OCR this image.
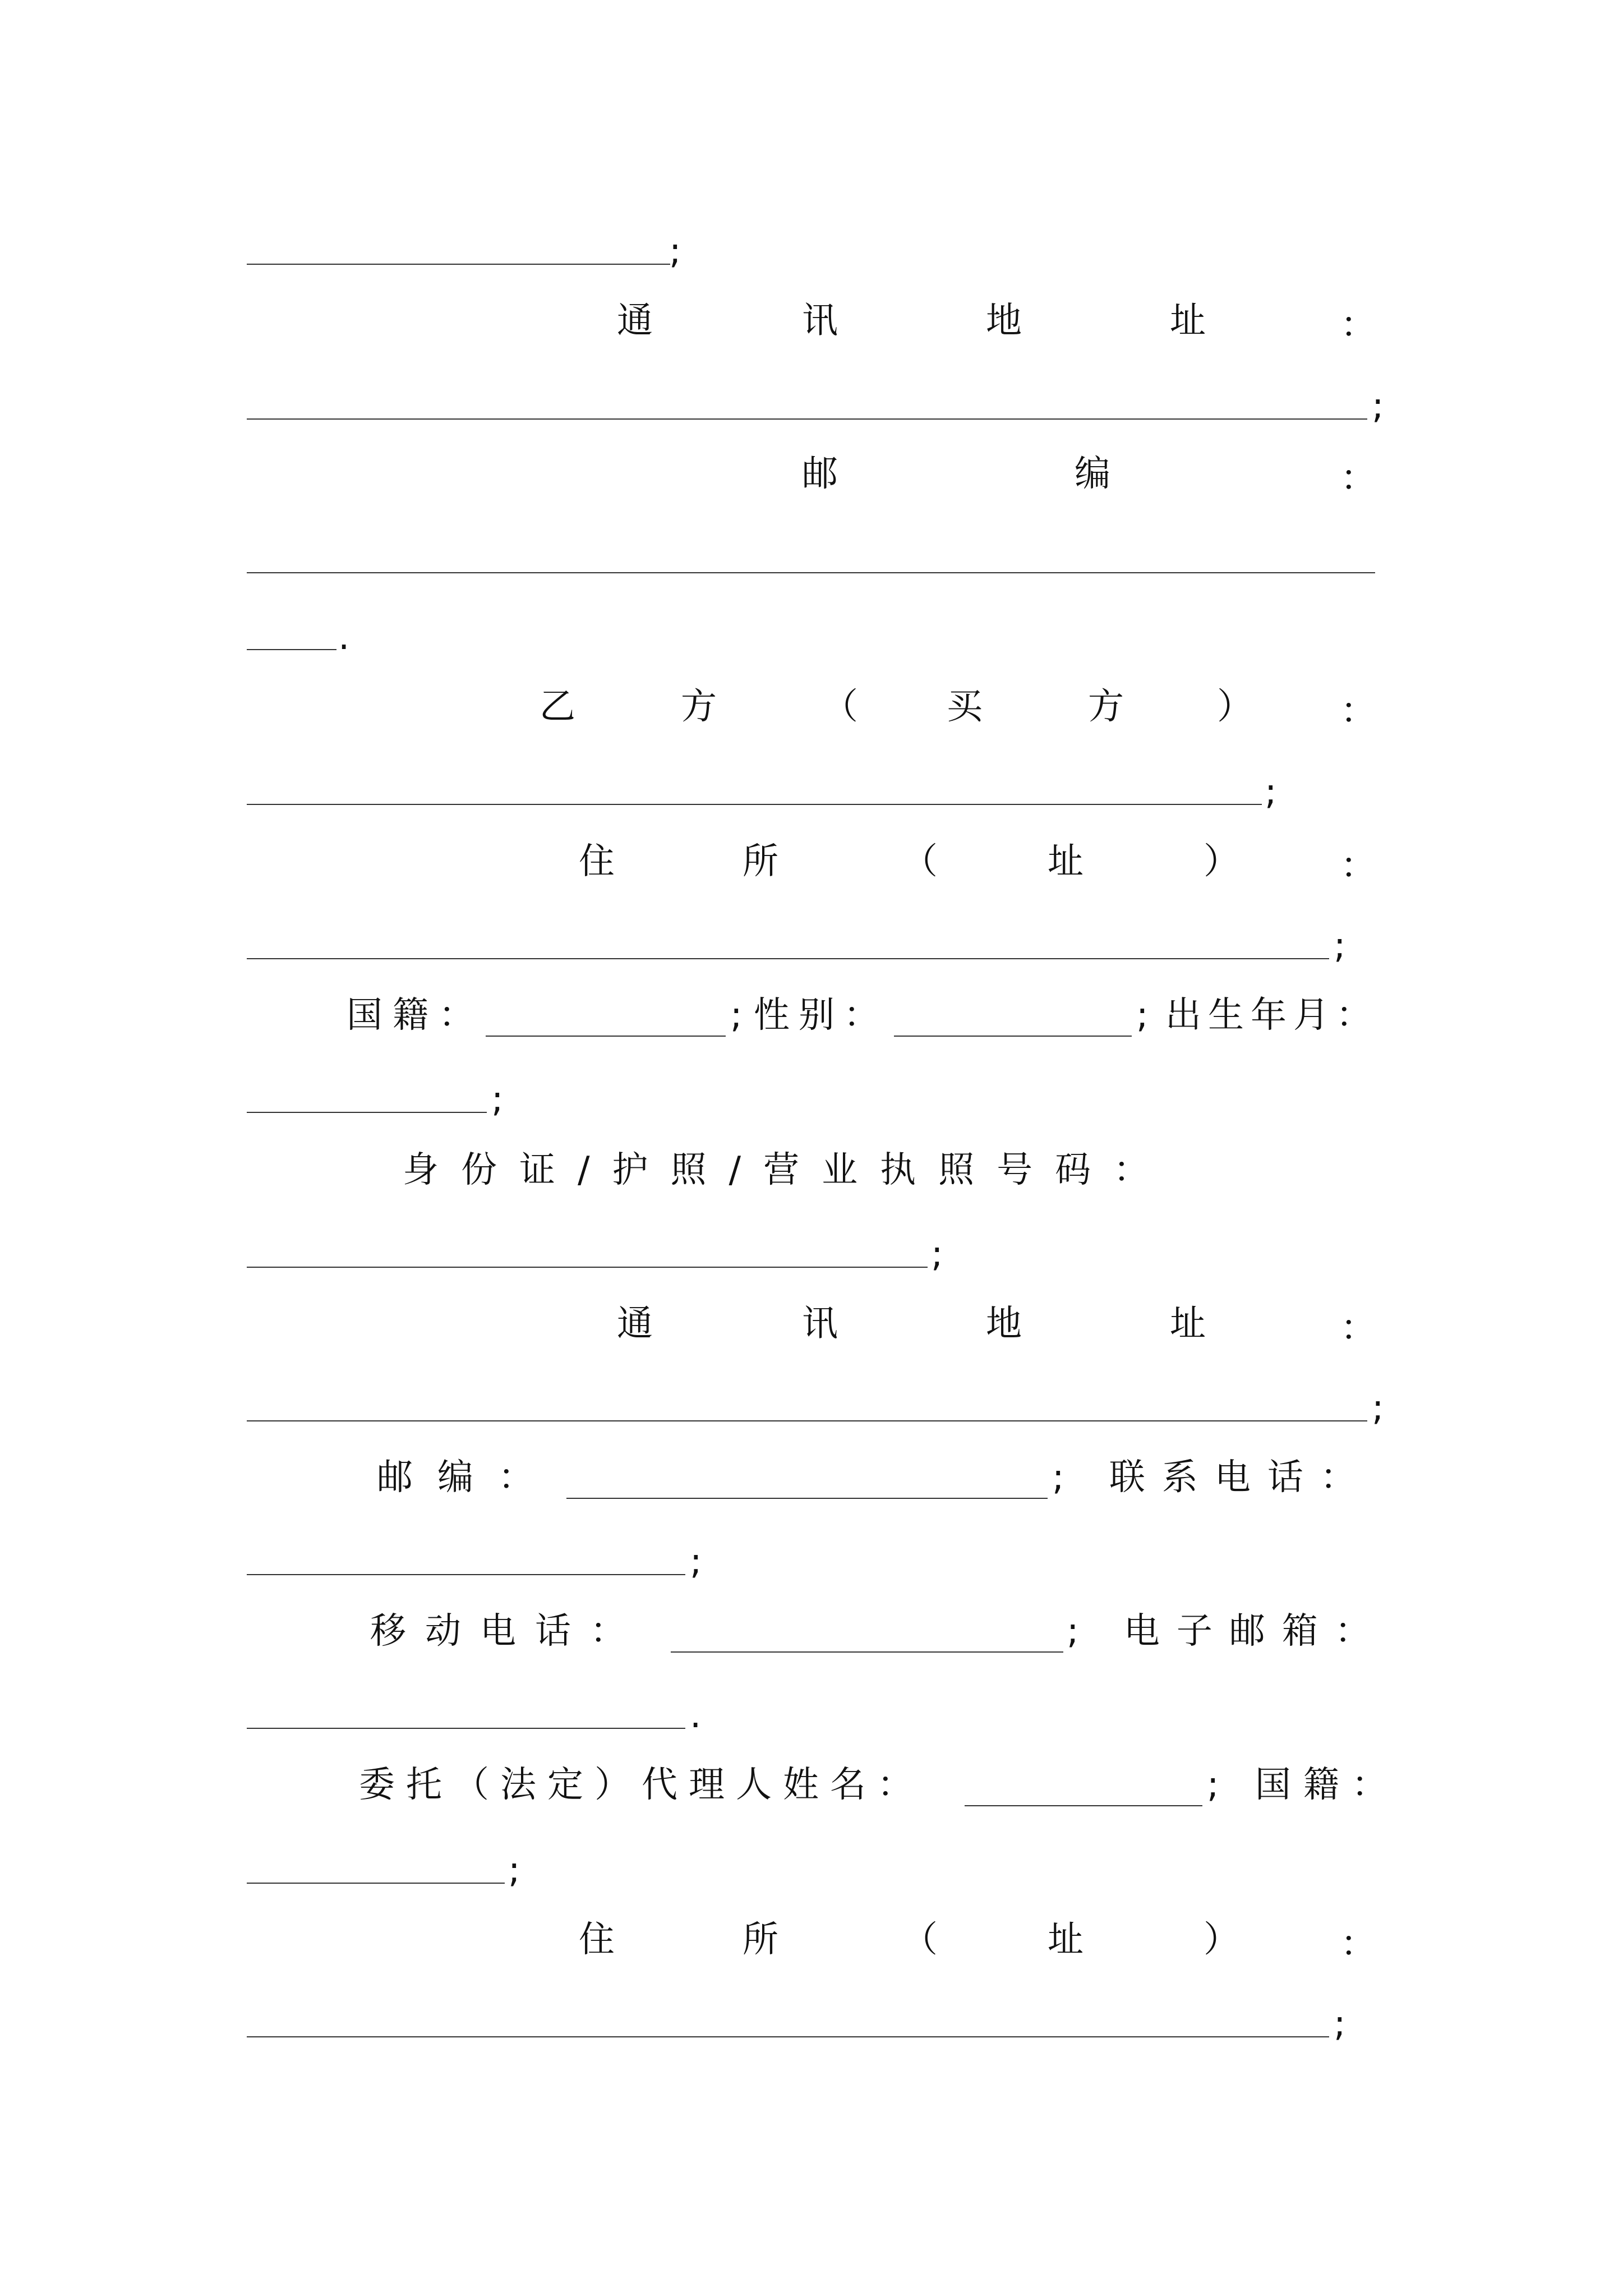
;
通	讯	地	址	：
;
邮	编	：
.
乙	方	（ 买	方	） ：
;
住	所	（	址	）	：
;
国籍：	; 性别：	; 出生年月：
;
身份证/护照/营业执照号码：
;
通	讯	地	址	：
;
邮编：	; 联系电话：
;
移动电话：	; 电子邮箱：
.
委托（法定）代理人姓名：	; 国籍：
;
住	所	（	址	）	：
;
